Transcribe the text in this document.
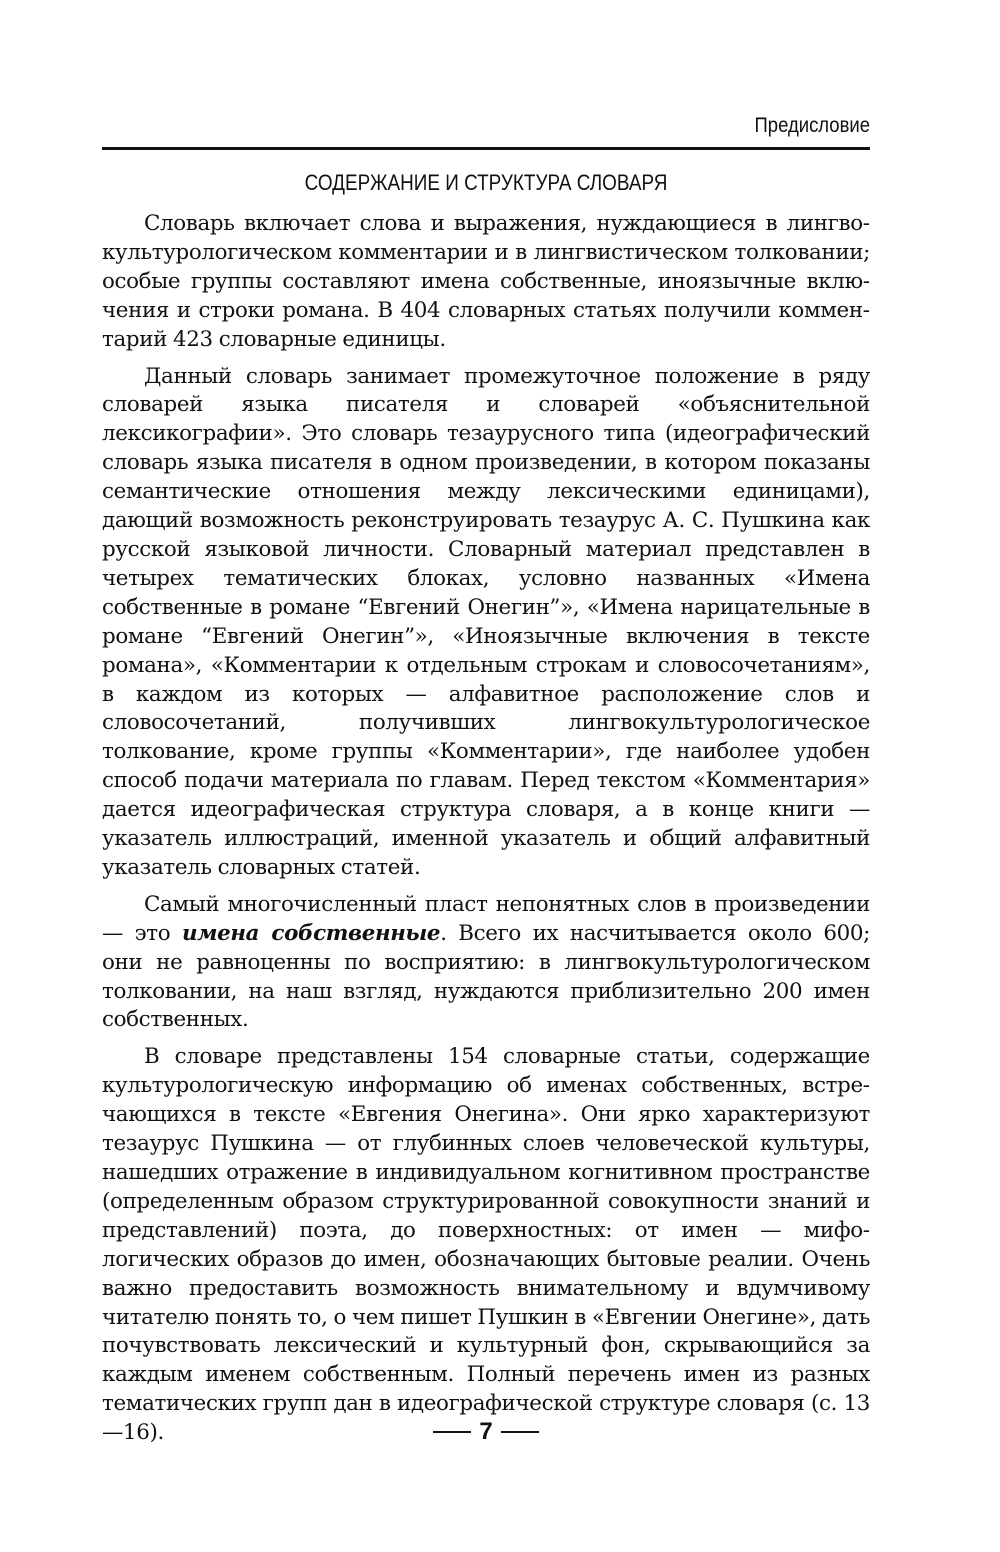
Предисловие
СОДЕРЖАНИЕ И СТРУКТУРА СЛОВАРЯ

Словарь включает слова и выражения, нуждающиеся в лингвокультурологическом комментарии и в лингвистическом толковании; особые группы составляют имена собственные, иноязычные включения и строки романа. В 404 словарных статьях получили комментарий 423 словарные единицы.

Данный словарь занимает промежуточное положение в ряду словарей языка писателя и словарей «объяснительной лексикографии». Это словарь тезаурусного типа (идеографический словарь языка писателя в одном произведении, в котором показаны семантические отношения между лексическими единицами), дающий возможность реконструировать тезаурус А. С. Пушкина как русской языковой личности. Словарный материал представлен в четырех тематических блоках, условно названных «Имена собственные в романе “Евгений Онегин”», «Имена нарицательные в романе “Евгений Онегин”», «Иноязычные включения в тексте романа», «Комментарии к отдельным строкам и словосочетаниям», в каждом из которых — алфавитное расположение слов и словосочетаний, получивших лингвокультурологическое толкование, кроме группы «Комментарии», где наиболее удобен способ подачи материала по главам. Перед текстом «Комментария» дается идеографическая структура словаря, а в конце книги — указатель иллюстраций, именной указатель и общий алфавитный указатель словарных статей.

Самый многочисленный пласт непонятных слов в произведении — это имена собственные. Всего их насчитывается около 600; они не равноценны по восприятию: в лингвокультурологическом толковании, на наш взгляд, нуждаются приблизительно 200 имен собственных.

В словаре представлены 154 словарные статьи, содержащие культурологическую информацию об именах собственных, встречающихся в тексте «Евгения Онегина». Они ярко характеризуют тезаурус Пушкина — от глубинных слоев человеческой культуры, нашедших отражение в индивидуальном когнитивном пространстве (определенным образом структурированной совокупности знаний и представлений) поэта, до поверхностных: от имен — мифологических образов до имен, обозначающих бытовые реалии. Очень важно предоставить возможность внимательному и вдумчивому читателю понять то, о чем пишет Пушкин в «Евгении Онегине», дать почувствовать лексический и культурный фон, скрывающийся за каждым именем собственным. Полный перечень имен из разных тематических групп дан в идеографической структуре словаря (с. 13—16).	7
